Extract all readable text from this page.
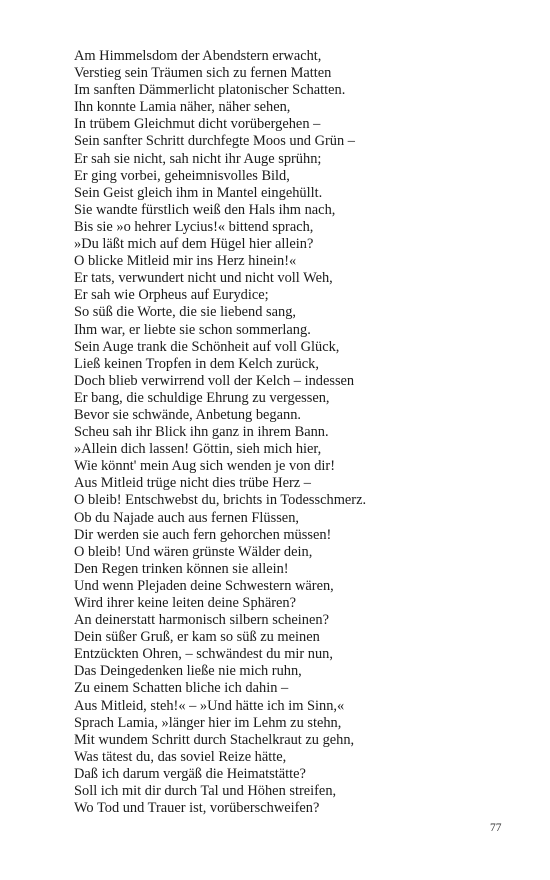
Am Himmelsdom der Abendstern erwacht,
Verstieg sein Träumen sich zu fernen Matten
Im sanften Dämmerlicht platonischer Schatten.
Ihn konnte Lamia näher, näher sehen,
In trübem Gleichmut dicht vorübergehen –
Sein sanfter Schritt durchfegte Moos und Grün –
Er sah sie nicht, sah nicht ihr Auge sprühn;
Er ging vorbei, geheimnisvolles Bild,
Sein Geist gleich ihm in Mantel eingehüllt.
Sie wandte fürstlich weiß den Hals ihm nach,
Bis sie »o hehrer Lycius!« bittend sprach,
»Du läßt mich auf dem Hügel hier allein?
O blicke Mitleid mir ins Herz hinein!«
Er tats, verwundert nicht und nicht voll Weh,
Er sah wie Orpheus auf Eurydice;
So süß die Worte, die sie liebend sang,
Ihm war, er liebte sie schon sommerlang.
Sein Auge trank die Schönheit auf voll Glück,
Ließ keinen Tropfen in dem Kelch zurück,
Doch blieb verwirrend voll der Kelch – indessen
Er bang, die schuldige Ehrung zu vergessen,
Bevor sie schwände, Anbetung begann.
Scheu sah ihr Blick ihn ganz in ihrem Bann.
»Allein dich lassen! Göttin, sieh mich hier,
Wie könnt' mein Aug sich wenden je von dir!
Aus Mitleid trüge nicht dies trübe Herz –
O bleib! Entschwebst du, brichts in Todesschmerz.
Ob du Najade auch aus fernen Flüssen,
Dir werden sie auch fern gehorchen müssen!
O bleib! Und wären grünste Wälder dein,
Den Regen trinken können sie allein!
Und wenn Plejaden deine Schwestern wären,
Wird ihrer keine leiten deine Sphären?
An deinerstatt harmonisch silbern scheinen?
Dein süßer Gruß, er kam so süß zu meinen
Entzückten Ohren, – schwändest du mir nun,
Das Deingedenken ließe nie mich ruhn,
Zu einem Schatten bliche ich dahin –
Aus Mitleid, steh!« – »Und hätte ich im Sinn,«
Sprach Lamia, »länger hier im Lehm zu stehn,
Mit wundem Schritt durch Stachelkraut zu gehn,
Was tätest du, das soviel Reize hätte,
Daß ich darum vergäß die Heimatstätte?
Soll ich mit dir durch Tal und Höhen streifen,
Wo Tod und Trauer ist, vorüberschweifen?
77
